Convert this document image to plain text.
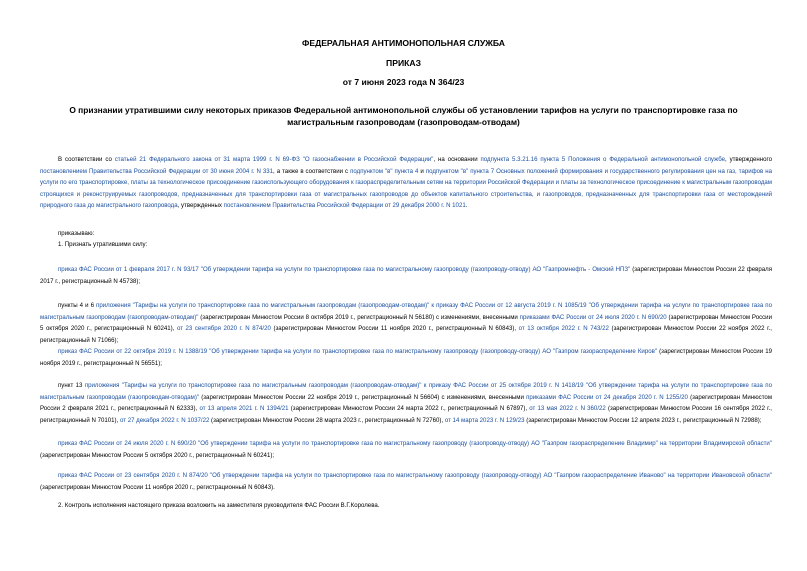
ФЕДЕРАЛЬНАЯ АНТИМОНОПОЛЬНАЯ СЛУЖБА
ПРИКАЗ
от 7 июня 2023 года N 364/23
О признании утратившими силу некоторых приказов Федеральной антимонопольной службы об установлении тарифов на услуги по транспортировке газа по магистральным газопроводам (газопроводам-отводам)
В соответствии со статьей 21 Федерального закона от 31 марта 1999 г. N 69-ФЗ "О газоснабжении в Российской Федерации", на основании подпункта 5.3.21.16 пункта 5 Положения о Федеральной антимонопольной службе, утвержденного постановлением Правительства Российской Федерации от 30 июня 2004 г. N 331, а также в соответствии с подпунктом "в" пункта 4 и подпунктом "в" пункта 7 Основных положений формирования и государственного регулирования цен на газ, тарифов на услуги по его транспортировке, платы за технологическое присоединение газоиспользующего оборудования к газораспределительным сетям на территории Российской Федерации и платы за технологическое присоединение к магистральным газопроводам строящихся и реконструируемых газопроводов, предназначенных для транспортировки газа от магистральных газопроводов до объектов капитального строительства, и газопроводов, предназначенных для транспортировки газа от месторождений природного газа до магистрального газопровода, утвержденных постановлением Правительства Российской Федерации от 29 декабря 2000 г. N 1021.
приказываю:
1. Признать утратившими силу:
приказ ФАС России от 1 февраля 2017 г. N 93/17 "Об утверждении тарифа на услуги по транспортировке газа по магистральному газопроводу (газопроводу-отводу) АО "Газпромнефть - Омский НПЗ" (зарегистрирован Минюстом России 22 февраля 2017 г., регистрационный N 45738);
пункты 4 и 6 приложения "Тарифы на услуги по транспортировке газа по магистральным газопроводам (газопроводам-отводам)" к приказу ФАС России от 12 августа 2019 г. N 1085/19 "Об утверждении тарифа на услуги по транспортировке газа по магистральным газопроводам (газопроводам-отводам)" (зарегистрирован Минюстом России 8 октября 2019 г., регистрационный N 56180) с изменениями, внесенными приказами ФАС России от 24 июля 2020 г. N 690/20 (зарегистрирован Минюстом России 5 октября 2020 г., регистрационный N 60241), от 23 сентября 2020 г. N 874/20 (зарегистрирован Минюстом России 11 ноября 2020 г., регистрационный N 60843), от 13 октября 2022 г. N 743/22 (зарегистрирован Минюстом России 22 ноября 2022 г., регистрационный N 71066);
приказ ФАС России от 22 октября 2019 г. N 1388/19 "Об утверждении тарифа на услуги по транспортировке газа по магистральному газопроводу (газопроводу-отводу) АО "Газпром газораспределение Киров" (зарегистрирован Минюстом России 19 ноября 2019 г., регистрационный N 56551);
пункт 13 приложения "Тарифы на услуги по транспортировке газа по магистральным газопроводам (газопроводам-отводам)" к приказу ФАС России от 25 октября 2019 г. N 1418/19 "Об утверждении тарифа на услуги по транспортировке газа по магистральным газопроводам (газопроводам-отводам)" (зарегистрирован Минюстом России 22 ноября 2019 г., регистрационный N 56604) с изменениями, внесенными приказами ФАС России от 24 декабря 2020 г. N 1255/20 (зарегистрирован Минюстом России 2 февраля 2021 г., регистрационный N 62333), от 13 апреля 2021 г. N 1394/21 (зарегистрирован Минюстом России 24 марта 2022 г., регистрационный N 67897), от 13 мая 2022 г. N 360/22 (зарегистрирован Минюстом России 16 сентября 2022 г., регистрационный N 70101), от 27 декабря 2022 г. N 1037/22 (зарегистрирован Минюстом России 28 марта 2023 г., регистрационный N 72760), от 14 марта 2023 г. N 129/23 (зарегистрирован Минюстом России 12 апреля 2023 г., регистрационный N 72988);
приказ ФАС России от 24 июля 2020 г. N 690/20 "Об утверждении тарифа на услуги по транспортировке газа по магистральному газопроводу (газопроводу-отводу) АО "Газпром газораспределение Владимир" на территории Владимирской области" (зарегистрирован Минюстом России 5 октября 2020 г., регистрационный N 60241);
приказ ФАС России от 23 сентября 2020 г. N 874/20 "Об утверждении тарифа на услуги по транспортировке газа по магистральному газопроводу (газопроводу-отводу) АО "Газпром газораспределение Иваново" на территории Ивановской области" (зарегистрирован Минюстом России 11 ноября 2020 г., регистрационный N 60843).
2. Контроль исполнения настоящего приказа возложить на заместителя руководителя ФАС России В.Г.Королева.
